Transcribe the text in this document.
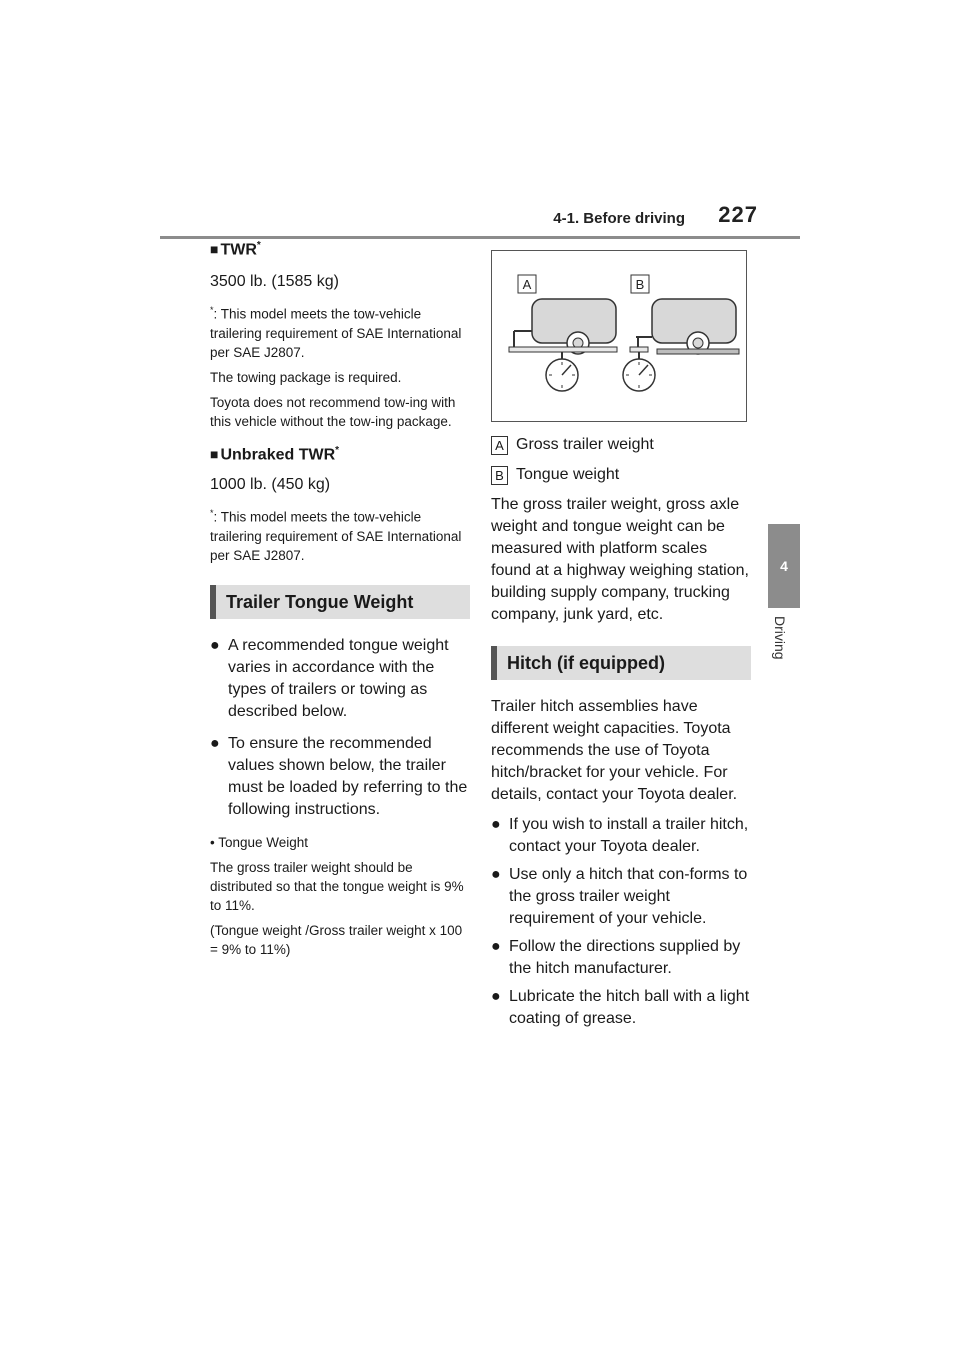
4-1. Before driving 227
4
Driving

■ TWR*

3500 lb. (1585 kg)

*: This model meets the tow-vehicle trailering requirement of SAE International per SAE J2807.

The towing package is required.

Toyota does not recommend tow-ing with this vehicle without the tow-ing package.

■ Unbraked TWR*

1000 lb. (450 kg)

*: This model meets the tow-vehicle trailering requirement of SAE International per SAE J2807.

Trailer Tongue Weight

● A recommended tongue weight varies in accordance with the types of trailers or towing as described below.

● To ensure the recommended values shown below, the trailer must be loaded by referring to the following instructions.

• Tongue Weight

The gross trailer weight should be distributed so that the tongue weight is 9% to 11%.

(Tongue weight /Gross trailer weight x 100 = 9% to 11%)

A	B

A Gross trailer weight

B Tongue weight

The gross trailer weight, gross axle weight and tongue weight can be measured with platform scales found at a highway weighing station, building supply company, trucking company, junk yard, etc.

Hitch (if equipped)

Trailer hitch assemblies have different weight capacities. Toyota recommends the use of Toyota hitch/bracket for your vehicle. For details, contact your Toyota dealer.

● If you wish to install a trailer hitch, contact your Toyota dealer.

● Use only a hitch that con-forms to the gross trailer weight requirement of your vehicle.

● Follow the directions supplied by the hitch manufacturer.

● Lubricate the hitch ball with a light coating of grease.
